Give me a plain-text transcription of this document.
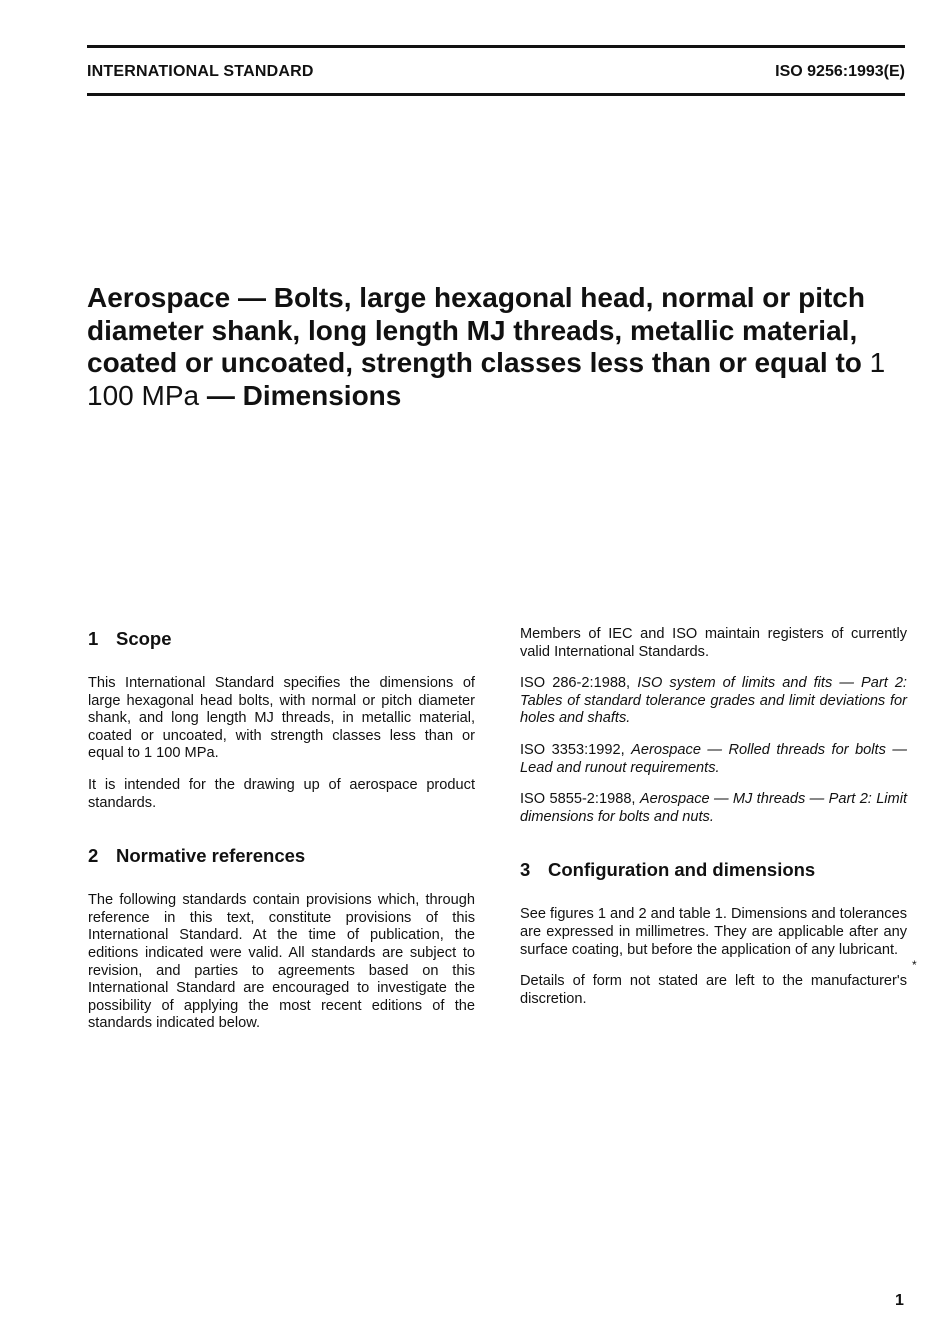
INTERNATIONAL STANDARD	ISO 9256:1993(E)
Aerospace — Bolts, large hexagonal head, normal or pitch diameter shank, long length MJ threads, metallic material, coated or uncoated, strength classes less than or equal to 1 100 MPa — Dimensions
1 Scope

This International Standard specifies the dimensions of large hexagonal head bolts, with normal or pitch diameter shank, and long length MJ threads, in metallic material, coated or uncoated, with strength classes less than or equal to 1 100 MPa.

It is intended for the drawing up of aerospace product standards.

2 Normative references

The following standards contain provisions which, through reference in this text, constitute provisions of this International Standard. At the time of publication, the editions indicated were valid. All standards are subject to revision, and parties to agreements based on this International Standard are encouraged to investigate the possibility of applying the most recent editions of the standards indicated below.

Members of IEC and ISO maintain registers of currently valid International Standards.

ISO 286-2:1988, ISO system of limits and fits — Part 2: Tables of standard tolerance grades and limit deviations for holes and shafts.

ISO 3353:1992, Aerospace — Rolled threads for bolts — Lead and runout requirements.

ISO 5855-2:1988, Aerospace — MJ threads — Part 2: Limit dimensions for bolts and nuts.

3 Configuration and dimensions

See figures 1 and 2 and table 1. Dimensions and tolerances are expressed in millimetres. They are applicable after any surface coating, but before the application of any lubricant.

Details of form not stated are left to the manufacturer's discretion.

*
1
